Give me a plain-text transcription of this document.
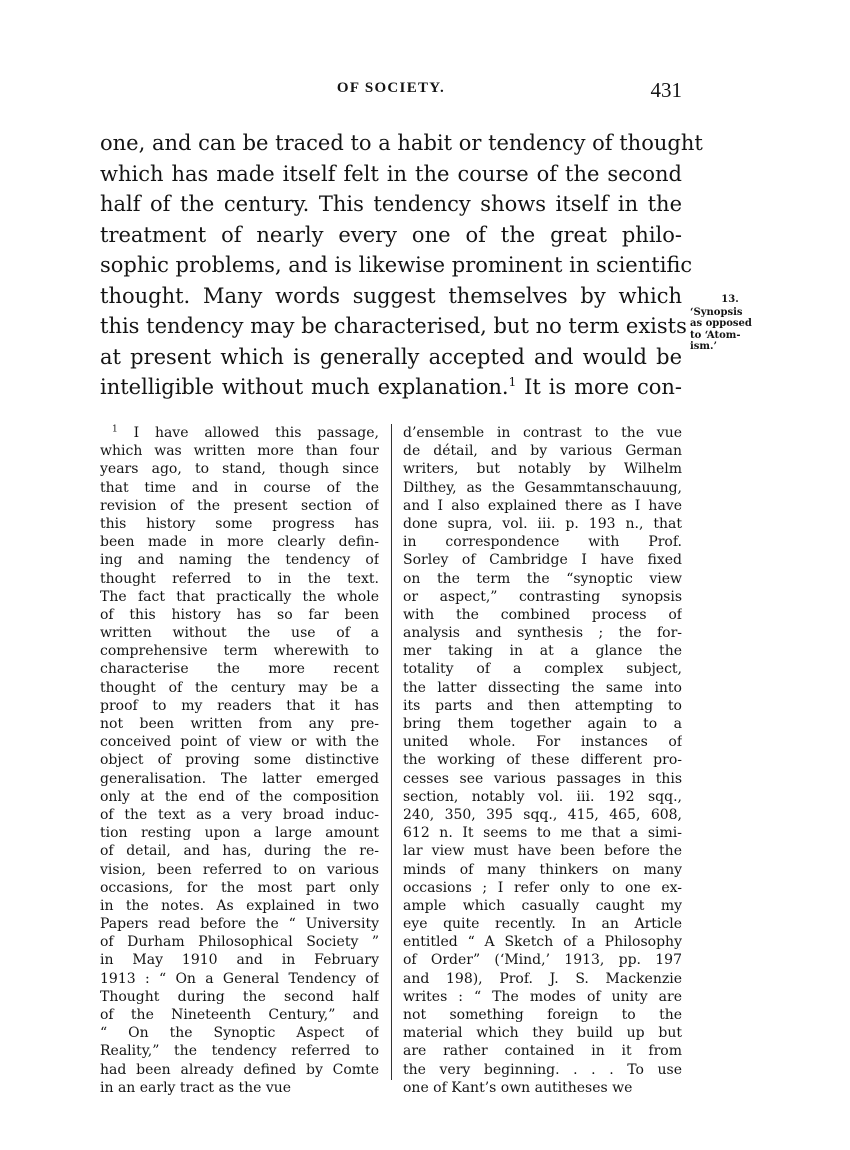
OF SOCIETY.	431
one, and can be traced to a habit or tendency of thought
which has made itself felt in the course of the second
half of the century. This tendency shows itself in the
treatment of nearly every one of the great philo-
sophic problems, and is likewise prominent in scientific
thought. Many words suggest themselves by which
this tendency may be characterised, but no term exists
at present which is generally accepted and would be
intelligible without much explanation.$^1$ It is more con-
13.
‘Synopsis
as opposed
to ‘Atom-
ism.’
$^1$ I have allowed this passage,
which was written more than four
years ago, to stand, though since
that time and in course of the
revision of the present section of
this history some progress has
been made in more clearly defin-
ing and naming the tendency of
thought referred to in the text.
The fact that practically the whole
of this history has so far been
written without the use of a
comprehensive term wherewith to
characterise the more recent
thought of the century may be a
proof to my readers that it has
not been written from any pre-
conceived point of view or with the
object of proving some distinctive
generalisation. The latter emerged
only at the end of the composition
of the text as a very broad induc-
tion resting upon a large amount
of detail, and has, during the re-
vision, been referred to on various
occasions, for the most part only
in the notes. As explained in two
Papers read before the “ University
of Durham Philosophical Society ”
in May 1910 and in February
1913 : “ On a General Tendency of
Thought during the second half
of the Nineteenth Century,” and
“ On the Synoptic Aspect of
Reality,” the tendency referred to
had been already defined by Comte
in an early tract as the vue
d’ensemble in contrast to the vue
de détail, and by various German
writers, but notably by Wilhelm
Dilthey, as the Gesammtanschauung,
and I also explained there as I have
done supra, vol. iii. p. 193 n., that
in correspondence with Prof.
Sorley of Cambridge I have fixed
on the term the “synoptic view
or aspect,” contrasting synopsis
with the combined process of
analysis and synthesis ; the for-
mer taking in at a glance the
totality of a complex subject,
the latter dissecting the same into
its parts and then attempting to
bring them together again to a
united whole. For instances of
the working of these different pro-
cesses see various passages in this
section, notably vol. iii. 192 sqq.,
240, 350, 395 sqq., 415, 465, 608,
612 n. It seems to me that a simi-
lar view must have been before the
minds of many thinkers on many
occasions ; I refer only to one ex-
ample which casually caught my
eye quite recently. In an Article
entitled “ A Sketch of a Philosophy
of Order” (‘Mind,’ 1913, pp. 197
and 198), Prof. J. S. Mackenzie
writes : “ The modes of unity are
not something foreign to the
material which they build up but
are rather contained in it from
the very beginning. . . . To use
one of Kant’s own autitheses we
